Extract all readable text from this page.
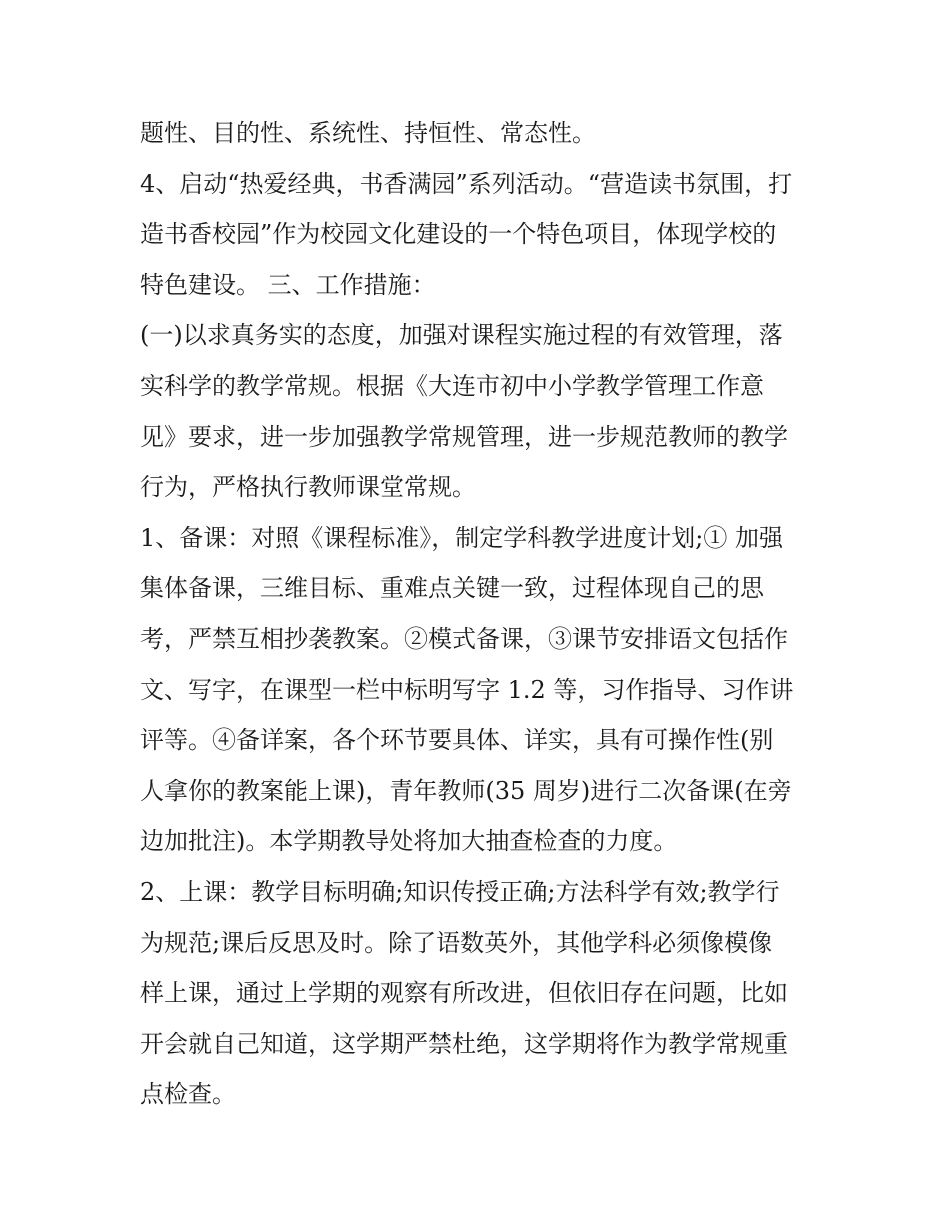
题性、目的性、系统性、持恒性、常态性。
4、启动“热爱经典，书香满园”系列活动。“营造读书氛围，打
造书香校园”作为校园文化建设的一个特色项目，体现学校的
特色建设。 三、工作措施：
(一)以求真务实的态度，加强对课程实施过程的有效管理，落
实科学的教学常规。根据《大连市初中小学教学管理工作意
见》要求，进一步加强教学常规管理，进一步规范教师的教学
行为，严格执行教师课堂常规。
1、备课：对照《课程标准》，制定学科教学进度计划;① 加强
集体备课，三维目标、重难点关键一致，过程体现自己的思
考，严禁互相抄袭教案。②模式备课，③课节安排语文包括作
文、写字，在课型一栏中标明写字 1.2 等，习作指导、习作讲
评等。④备详案，各个环节要具体、详实，具有可操作性(别
人拿你的教案能上课)，青年教师(35 周岁)进行二次备课(在旁
边加批注)。本学期教导处将加大抽查检查的力度。
2、上课：教学目标明确;知识传授正确;方法科学有效;教学行
为规范;课后反思及时。除了语数英外，其他学科必须像模像
样上课，通过上学期的观察有所改进，但依旧存在问题，比如
开会就自己知道，这学期严禁杜绝，这学期将作为教学常规重
点检查。
